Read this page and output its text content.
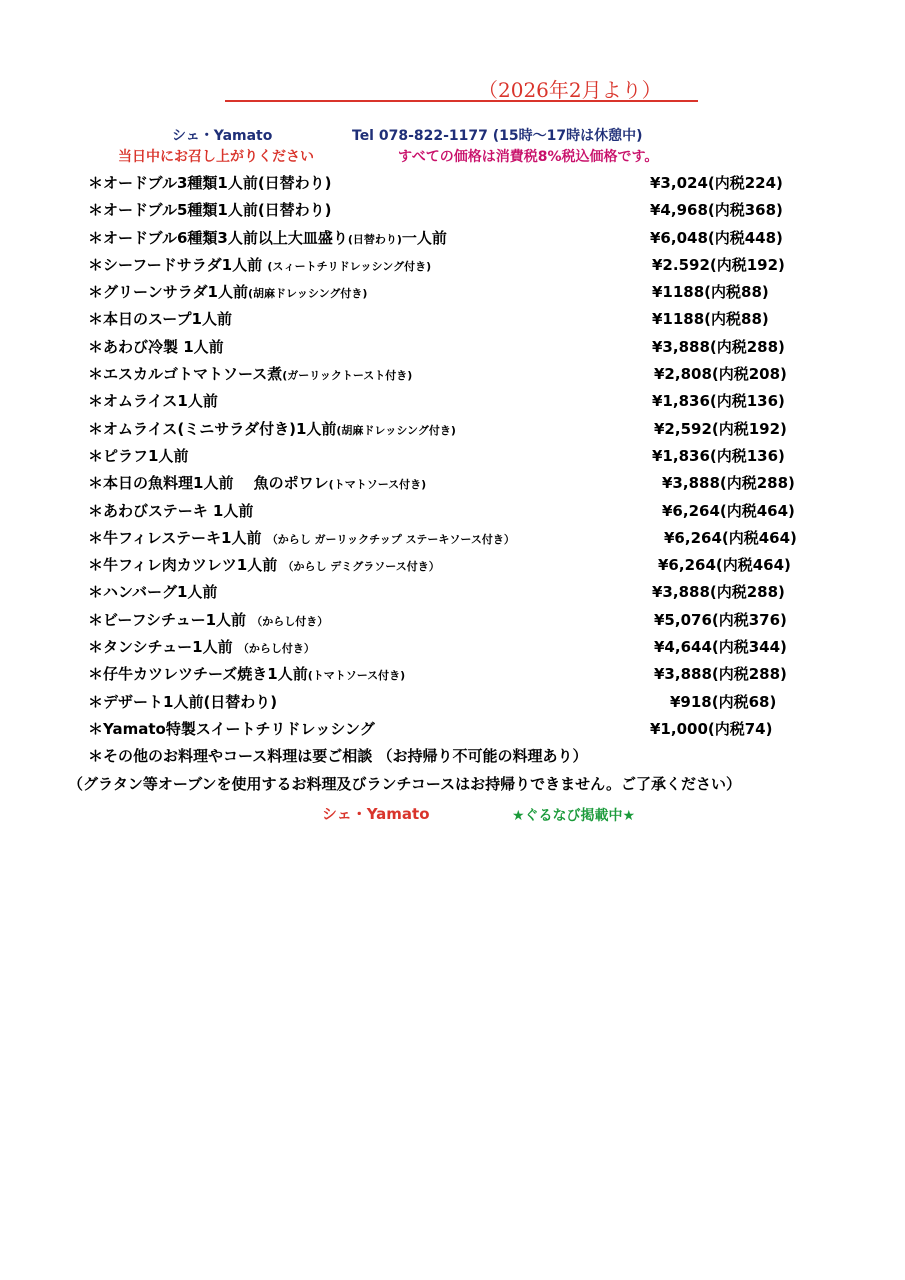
（2026年2月より）
シェ・Yamato	Tel 078-822-1177 (15時～17時は休憩中)
当日中にお召し上がりください	すべての価格は消費税8%税込価格です。
＊オードブル3種類1人前(日替わり)	¥3,024(内税224)
＊オードブル5種類1人前(日替わり)	¥4,968(内税368)
＊オードブル6種類3人前以上大皿盛り(日替わり)一人前	¥6,048(内税448)
＊シーフードサラダ1人前 (スィートチリドレッシング付き)	¥2.592(内税192)
＊グリーンサラダ1人前(胡麻ドレッシング付き)	¥1188(内税88)
＊本日のスープ1人前	¥1188(内税88)
＊あわび冷製 1人前	¥3,888(内税288)
＊エスカルゴトマトソース煮(ガーリックトースト付き)	¥2,808(内税208)
＊オムライス1人前	¥1,836(内税136)
＊オムライス(ミニサラダ付き)1人前(胡麻ドレッシング付き)	¥2,592(内税192)
＊ピラフ1人前	¥1,836(内税136)
＊本日の魚料理1人前　 魚のポワレ(トマトソース付き)	¥3,888(内税288)
＊あわびステーキ 1人前	¥6,264(内税464)
＊牛フィレステーキ1人前 （からし ガーリックチップ ステーキソース付き）	¥6,264(内税464)
＊牛フィレ肉カツレツ1人前 （からし デミグラソース付き）	¥6,264(内税464)
＊ハンバーグ1人前	¥3,888(内税288)
＊ビーフシチュー1人前 （からし付き）	¥5,076(内税376)
＊タンシチュー1人前 （からし付き）	¥4,644(内税344)
＊仔牛カツレツチーズ焼き1人前(トマトソース付き)	¥3,888(内税288)
＊デザート1人前(日替わり)	¥918(内税68)
＊Yamato特製スイートチリドレッシング	¥1,000(内税74)
＊その他のお料理やコース料理は要ご相談 （お持帰り不可能の料理あり）
（グラタン等オーブンを使用するお料理及びランチコースはお持帰りできません。ご了承ください）
シェ・Yamato	★ぐるなび掲載中★
